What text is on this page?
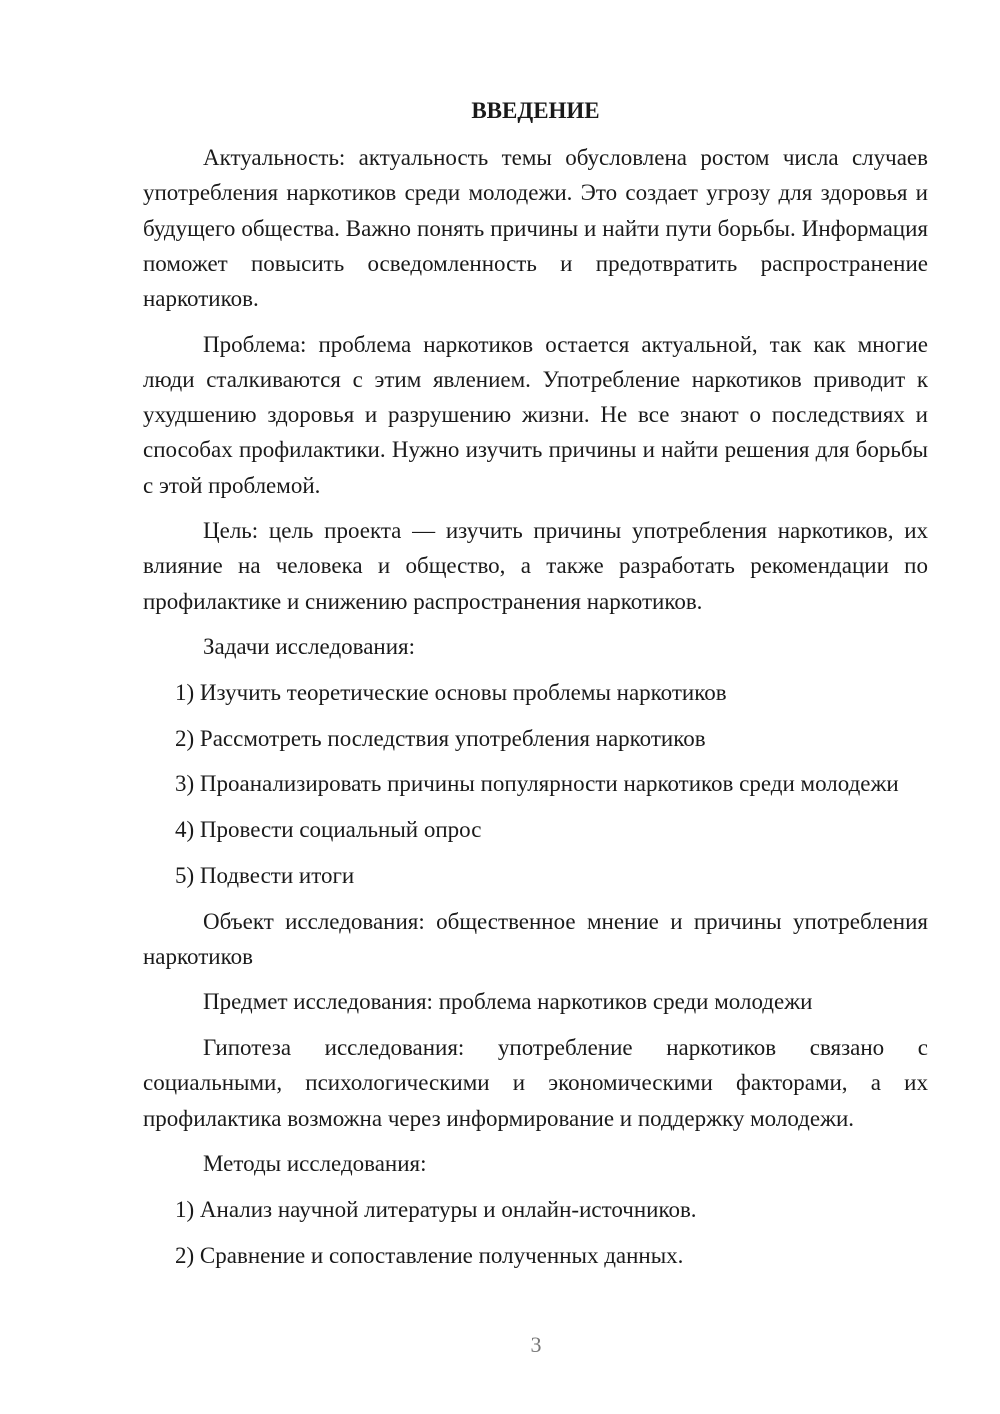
ВВЕДЕНИЕ

Актуальность: актуальность темы обусловлена ростом числа случаев употребления наркотиков среди молодежи. Это создает угрозу для здоровья и будущего общества. Важно понять причины и найти пути борьбы. Информация поможет повысить осведомленность и предотвратить распространение наркотиков.

Проблема: проблема наркотиков остается актуальной, так как многие люди сталкиваются с этим явлением. Употребление наркотиков приводит к ухудшению здоровья и разрушению жизни. Не все знают о последствиях и способах профилактики. Нужно изучить причины и найти решения для борьбы с этой проблемой.

Цель: цель проекта — изучить причины употребления наркотиков, их влияние на человека и общество, а также разработать рекомендации по профилактике и снижению распространения наркотиков.

Задачи исследования:

1) Изучить теоретические основы проблемы наркотиков

2) Рассмотреть последствия употребления наркотиков

3) Проанализировать причины популярности наркотиков среди молодежи

4) Провести социальный опрос

5) Подвести итоги

Объект исследования: общественное мнение и причины употребления наркотиков

Предмет исследования: проблема наркотиков среди молодежи

Гипотеза исследования: употребление наркотиков связано с социальными, психологическими и экономическими факторами, а их профилактика возможна через информирование и поддержку молодежи.

Методы исследования:

1) Анализ научной литературы и онлайн-источников.

2) Сравнение и сопоставление полученных данных.

3
